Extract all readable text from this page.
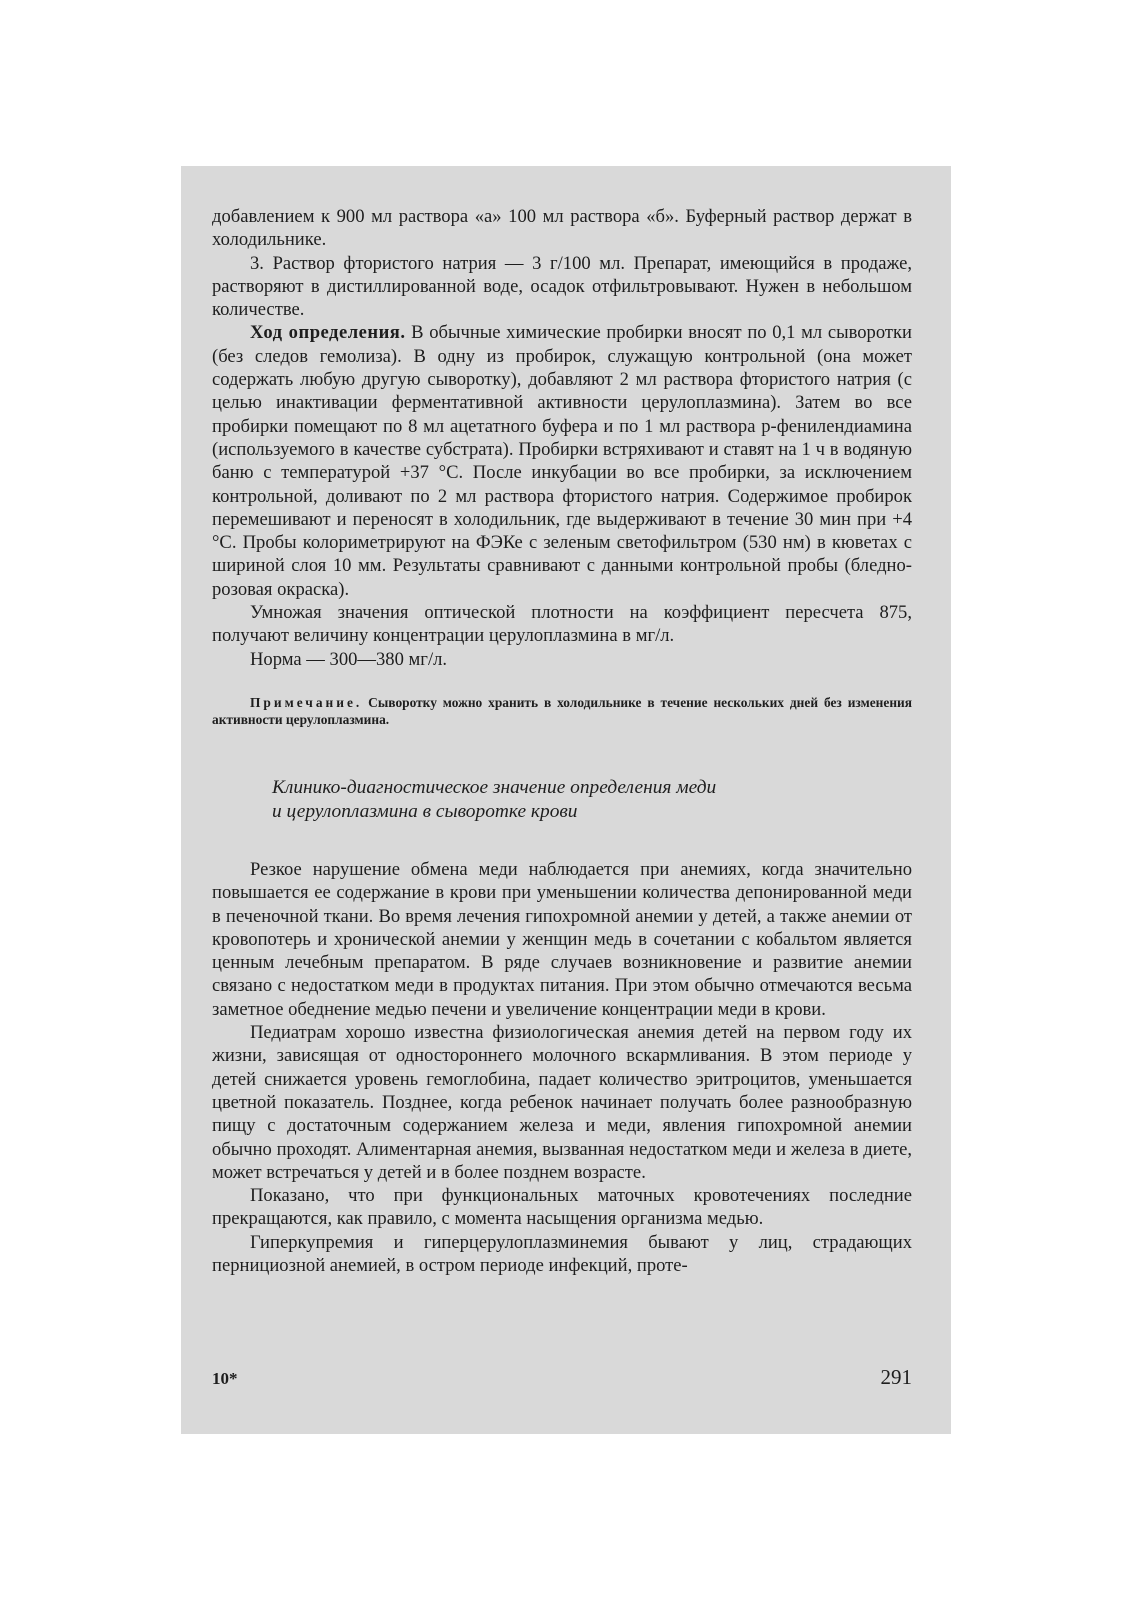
добавлением к 900 мл раствора «а» 100 мл раствора «б». Буферный раствор держат в холодильнике.

3. Раствор фтористого натрия — 3 г/100 мл. Препарат, имеющийся в продаже, растворяют в дистиллированной воде, осадок отфильтровывают. Нужен в небольшом количестве.

Ход определения. В обычные химические пробирки вносят по 0,1 мл сыворотки (без следов гемолиза). В одну из пробирок, служащую контрольной (она может содержать любую другую сыворотку), добавляют 2 мл раствора фтористого натрия (с целью инактивации ферментативной активности церулоплазмина). Затем во все пробирки помещают по 8 мл ацетатного буфера и по 1 мл раствора р-фенилендиамина (используемого в качестве субстрата). Пробирки встряхивают и ставят на 1 ч в водяную баню с температурой +37 °С. После инкубации во все пробирки, за исключением контрольной, доливают по 2 мл раствора фтористого натрия. Содержимое пробирок перемешивают и переносят в холодильник, где выдерживают в течение 30 мин при +4 °С. Пробы колориметрируют на ФЭКе с зеленым светофильтром (530 нм) в кюветах с шириной слоя 10 мм. Результаты сравнивают с данными контрольной пробы (бледно-розовая окраска).

Умножая значения оптической плотности на коэффициент пересчета 875, получают величину концентрации церулоплазмина в мг/л.

Норма — 300—380 мг/л.

Примечание. Сыворотку можно хранить в холодильнике в течение нескольких дней без изменения активности церулоплазмина.

Клинико-диагностическое значение определения меди
и церулоплазмина в сыворотке крови

Резкое нарушение обмена меди наблюдается при анемиях, когда значительно повышается ее содержание в крови при уменьшении количества депонированной меди в печеночной ткани. Во время лечения гипохромной анемии у детей, а также анемии от кровопотерь и хронической анемии у женщин медь в сочетании с кобальтом является ценным лечебным препаратом. В ряде случаев возникновение и развитие анемии связано с недостатком меди в продуктах питания. При этом обычно отмечаются весьма заметное обеднение медью печени и увеличение концентрации меди в крови.

Педиатрам хорошо известна физиологическая анемия детей на первом году их жизни, зависящая от одностороннего молочного вскармливания. В этом периоде у детей снижается уровень гемоглобина, падает количество эритроцитов, уменьшается цветной показатель. Позднее, когда ребенок начинает получать более разнообразную пищу с достаточным содержанием железа и меди, явления гипохромной анемии обычно проходят. Алиментарная анемия, вызванная недостатком меди и железа в диете, может встречаться у детей и в более позднем возрасте.

Показано, что при функциональных маточных кровотечениях последние прекращаются, как правило, с момента насыщения организма медью.

Гиперкупремия и гиперцерулоплазминемия бывают у лиц, страдающих пернициозной анемией, в остром периоде инфекций, проте-

10*	291
